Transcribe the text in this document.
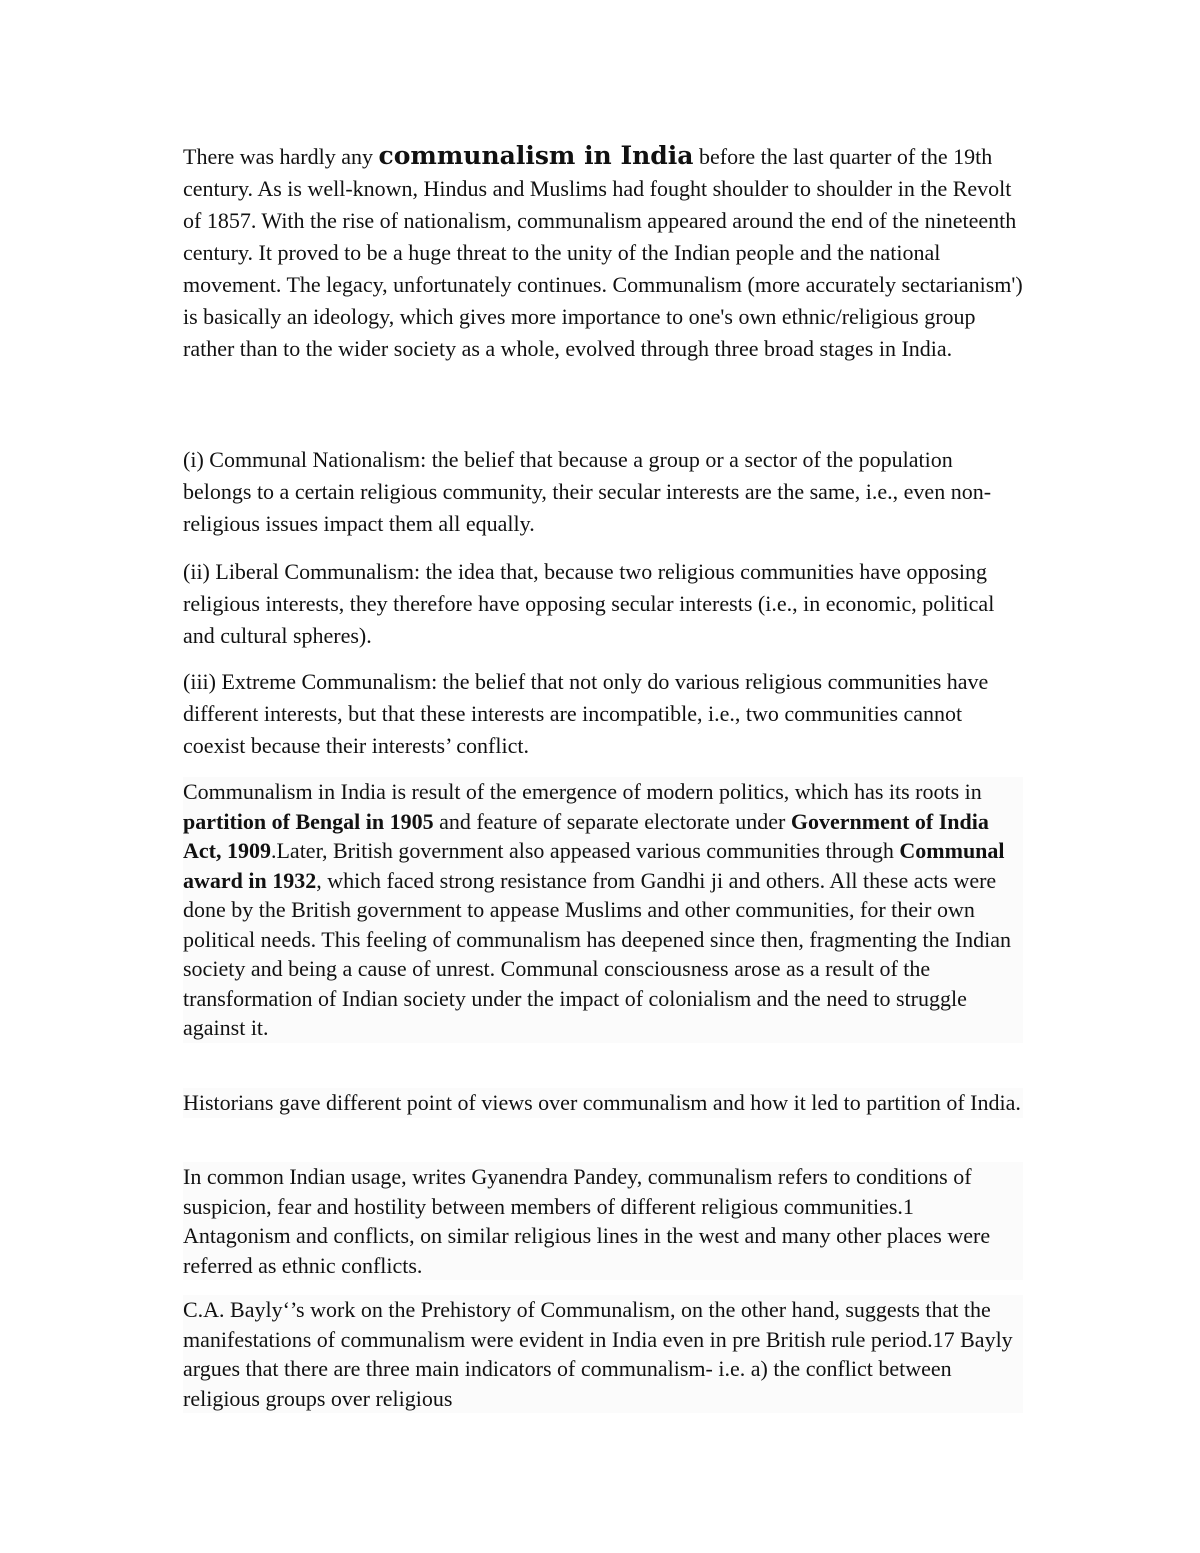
There was hardly any communalism in India before the last quarter of the 19th century. As is well-known, Hindus and Muslims had fought shoulder to shoulder in the Revolt of 1857. With the rise of nationalism, communalism appeared around the end of the nineteenth century. It proved to be a huge threat to the unity of the Indian people and the national movement. The legacy, unfortunately continues. Communalism (more accurately sectarianism') is basically an ideology, which gives more importance to one's own ethnic/religious group rather than to the wider society as a whole, evolved through three broad stages in India.

(i) Communal Nationalism: the belief that because a group or a sector of the population belongs to a certain religious community, their secular interests are the same, i.e., even non-religious issues impact them all equally.

(ii) Liberal Communalism: the idea that, because two religious communities have opposing religious interests, they therefore have opposing secular interests (i.e., in economic, political and cultural spheres).

(iii) Extreme Communalism: the belief that not only do various religious communities have different interests, but that these interests are incompatible, i.e., two communities cannot coexist because their interests’ conflict.

Communalism in India is result of the emergence of modern politics, which has its roots in partition of Bengal in 1905 and feature of separate electorate under Government of India Act, 1909.Later, British government also appeased various communities through Communal award in 1932, which faced strong resistance from Gandhi ji and others. All these acts were done by the British government to appease Muslims and other communities, for their own political needs. This feeling of communalism has deepened since then, fragmenting the Indian society and being a cause of unrest. Communal consciousness arose as a result of the transformation of Indian society under the impact of colonialism and the need to struggle against it.

Historians gave different point of views over communalism and how it led to partition of India.

In common Indian usage, writes Gyanendra Pandey, communalism refers to conditions of suspicion, fear and hostility between members of different religious communities.1 Antagonism and conflicts, on similar religious lines in the west and many other places were referred as ethnic conflicts.

C.A. Bayly‘’s work on the Prehistory of Communalism, on the other hand, suggests that the manifestations of communalism were evident in India even in pre British rule period.17 Bayly argues that there are three main indicators of communalism- i.e. a) the conflict between religious groups over religious
